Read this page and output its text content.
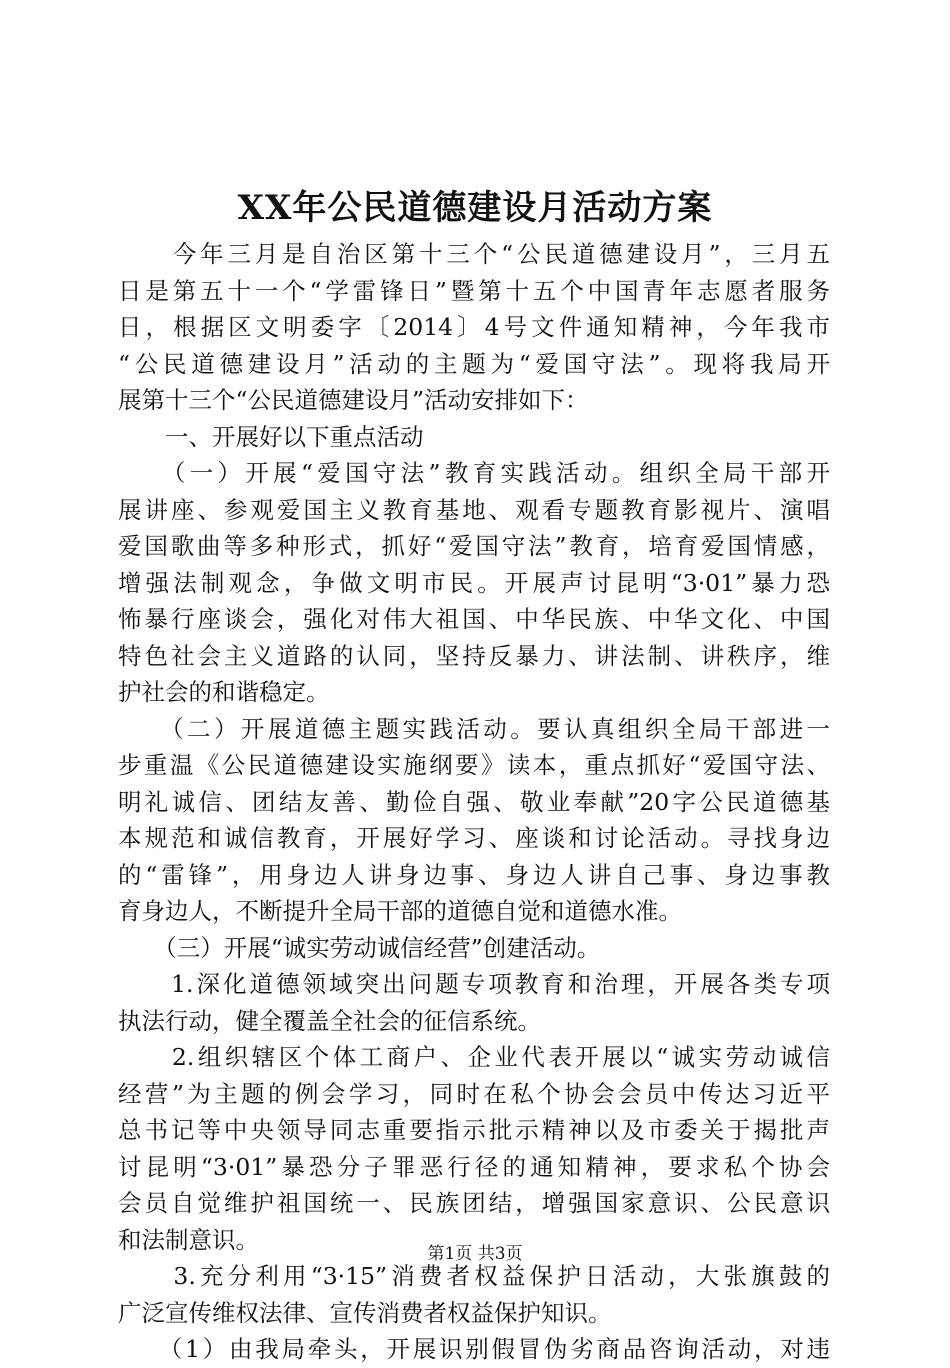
XX年公民道德建设月活动方案
　　今年三月是自治区第十三个“公民道德建设月”，三月五
日是第五十一个“学雷锋日”暨第十五个中国青年志愿者服务
日，根据区文明委字〔2014〕4号文件通知精神，今年我市
“公民道德建设月”活动的主题为“爱国守法”。现将我局开
展第十三个“公民道德建设月”活动安排如下：
　　一、开展好以下重点活动
　　（一）开展“爱国守法”教育实践活动。组织全局干部开
展讲座、参观爱国主义教育基地、观看专题教育影视片、演唱
爱国歌曲等多种形式，抓好“爱国守法”教育，培育爱国情感，
增强法制观念，争做文明市民。开展声讨昆明“3·01”暴力恐
怖暴行座谈会，强化对伟大祖国、中华民族、中华文化、中国
特色社会主义道路的认同，坚持反暴力、讲法制、讲秩序，维
护社会的和谐稳定。
　　（二）开展道德主题实践活动。要认真组织全局干部进一
步重温《公民道德建设实施纲要》读本，重点抓好“爱国守法、
明礼诚信、团结友善、勤俭自强、敬业奉献”20字公民道德基
本规范和诚信教育，开展好学习、座谈和讨论活动。寻找身边
的“雷锋”，用身边人讲身边事、身边人讲自己事、身边事教
育身边人，不断提升全局干部的道德自觉和道德水准。
　　（三）开展“诚实劳动诚信经营”创建活动。
　　1.深化道德领域突出问题专项教育和治理，开展各类专项
执法行动，健全覆盖全社会的征信系统。
　　2.组织辖区个体工商户、企业代表开展以“诚实劳动诚信
经营”为主题的例会学习，同时在私个协会会员中传达习近平
总书记等中央领导同志重要指示批示精神以及市委关于揭批声
讨昆明“3·01”暴恐分子罪恶行径的通知精神，要求私个协会
会员自觉维护祖国统一、民族团结，增强国家意识、公民意识
和法制意识。
　　3.充分利用“3·15”消费者权益保护日活动，大张旗鼓的
广泛宣传维权法律、宣传消费者权益保护知识。
　　（1）由我局牵头，开展识别假冒伪劣商品咨询活动，对违
第1页 共3页
